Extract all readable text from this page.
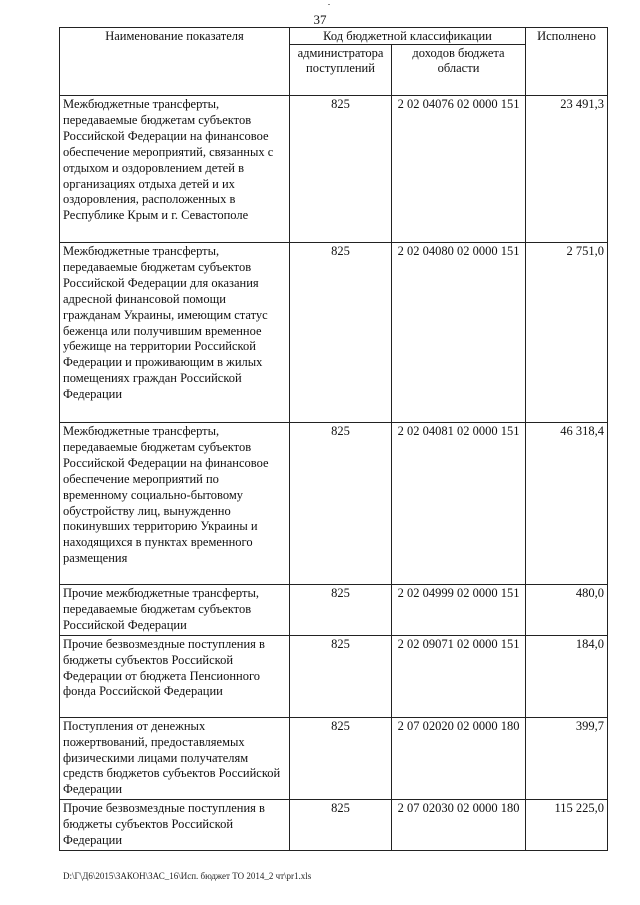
37
Наименование показателя	Код бюджетной классификации		Исполнено
	администратора поступлений	доходов бюджета области	
Межбюджетные трансферты, передаваемые бюджетам субъектов Российской Федерации на финансовое обеспечение мероприятий, связанных с отдыхом и оздоровлением детей в организациях отдыха детей и их оздоровления, расположенных в Республике Крым и г. Севастополе	825	2 02 04076 02 0000 151	23 491,3
Межбюджетные трансферты, передаваемые бюджетам субъектов Российской Федерации для оказания адресной финансовой помощи гражданам Украины, имеющим статус беженца или получившим временное убежище на территории Российской Федерации и проживающим в жилых помещениях граждан Российской Федерации	825	2 02 04080 02 0000 151	2 751,0
Межбюджетные трансферты, передаваемые бюджетам субъектов Российской Федерации на финансовое обеспечение мероприятий по временному социально-бытовому обустройству лиц, вынужденно покинувших территорию Украины и находящихся в пунктах временного размещения	825	2 02 04081 02 0000 151	46 318,4
Прочие межбюджетные трансферты, передаваемые бюджетам субъектов Российской Федерации	825	2 02 04999 02 0000 151	480,0
Прочие безвозмездные поступления в бюджеты субъектов Российской Федерации от бюджета Пенсионного фонда Российской Федерации	825	2 02 09071 02 0000 151	184,0
Поступления от денежных пожертвований, предоставляемых физическими лицами получателям средств бюджетов субъектов Российской Федерации	825	2 07 02020 02 0000 180	399,7
Прочие безвозмездные поступления в бюджеты субъектов Российской Федерации	825	2 07 02030 02 0000 180	115 225,0
D:\Г\Д6\2015\ЗАКОН\ЗАС_16\Исп. бюджет ТО 2014_2 чт\pr1.xls
